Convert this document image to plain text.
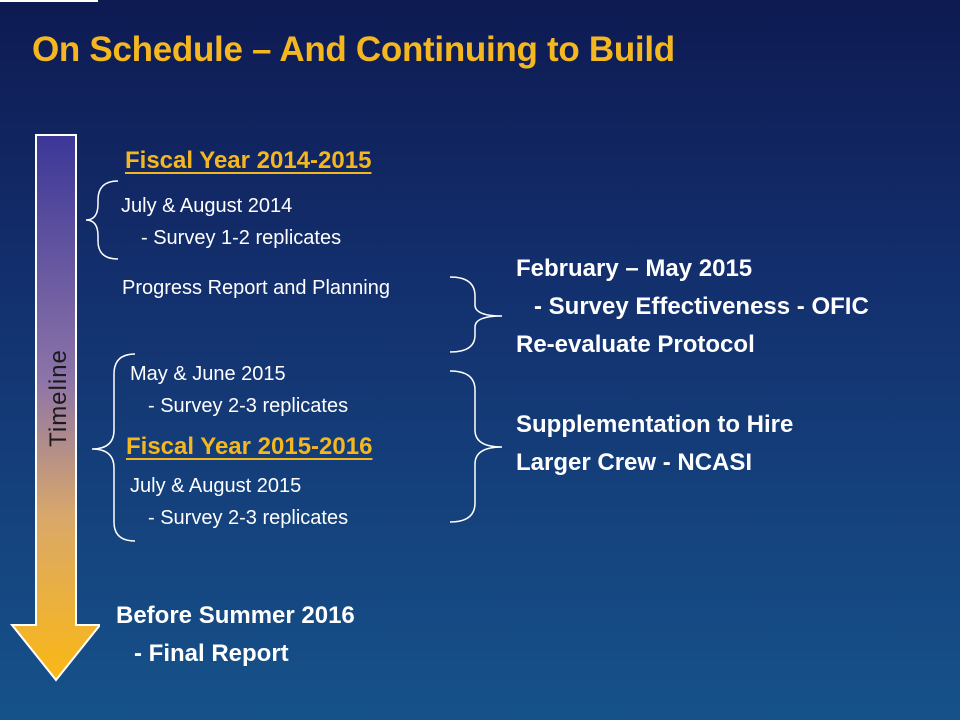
On Schedule – And Continuing to Build
Timeline
Fiscal Year 2014-2015
Fiscal Year 2015-2016
July & August 2014
- Survey 1-2 replicates
Progress Report and Planning
May & June 2015
- Survey 2-3 replicates
July & August 2015
- Survey 2-3 replicates
February – May 2015
- Survey Effectiveness - OFIC
Re-evaluate Protocol
Supplementation to Hire
Larger Crew - NCASI
Before Summer 2016
- Final Report
